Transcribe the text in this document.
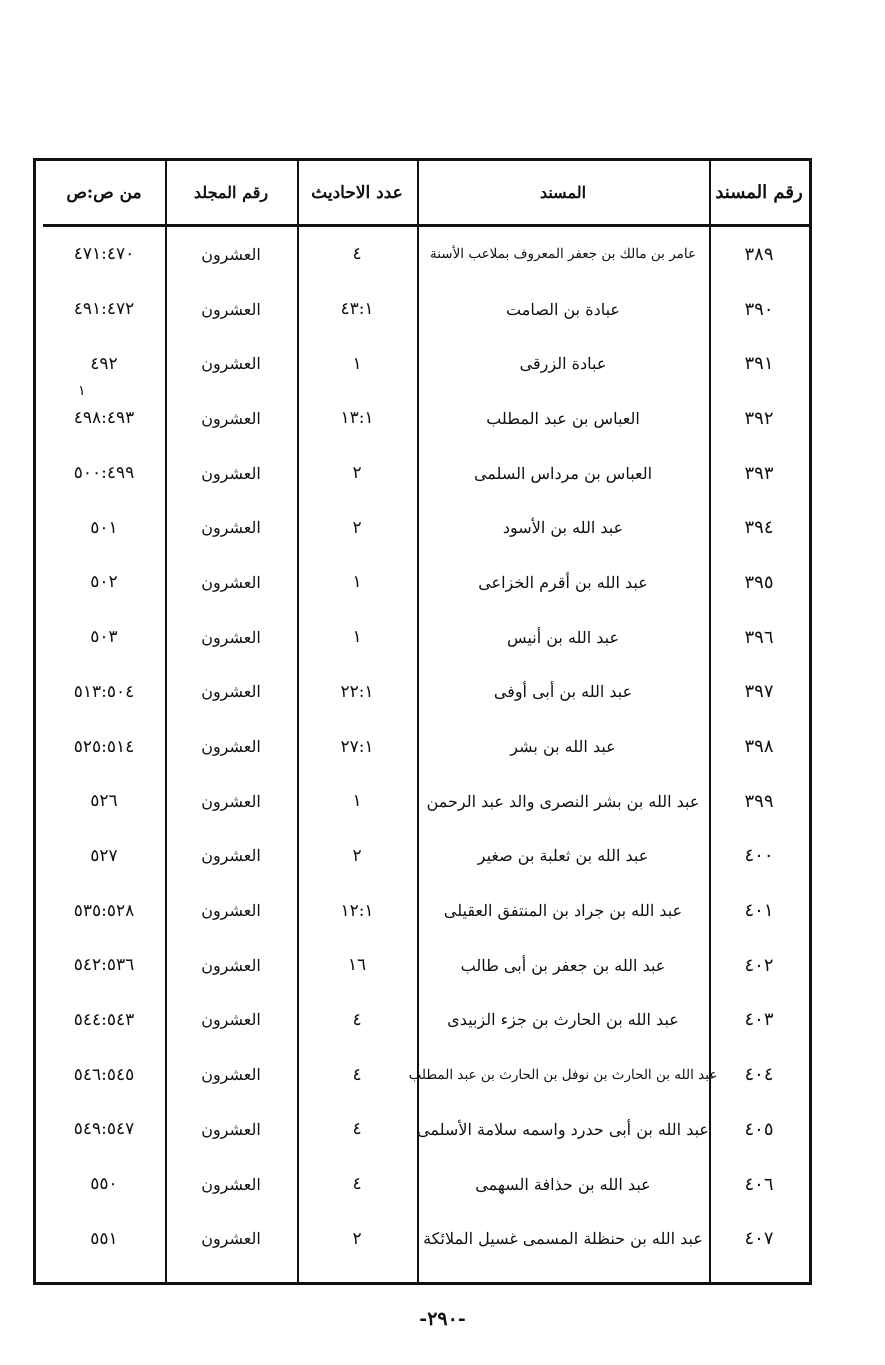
رقم المسند
المسند
عدد الاحاديث
رقم المجلد
من ص:ص
٣٨٩
عامر بن مالك بن جعفر المعروف بملاعب الأسنة
٤
العشرون
٤٧١:٤٧٠
٣٩٠
عبادة بن الصامت
٤٣:١
العشرون
٤٩١:٤٧٢
٣٩١
عبادة الزرقى
١
العشرون
٤٩٢
٣٩٢
العباس بن عبد المطلب
١٣:١
العشرون
٤٩٨:٤٩٣
٣٩٣
العباس بن مرداس السلمى
٢
العشرون
٥٠٠:٤٩٩
٣٩٤
عبد الله بن الأسود
٢
العشرون
٥٠١
٣٩٥
عبد الله بن أقرم الخزاعى
١
العشرون
٥٠٢
٣٩٦
عبد الله بن أنيس
١
العشرون
٥٠٣
٣٩٧
عبد الله بن أبى أوفى
٢٢:١
العشرون
٥١٣:٥٠٤
٣٩٨
عبد الله بن بشر
٢٧:١
العشرون
٥٢٥:٥١٤
٣٩٩
عبد الله بن بشر النصرى والد عبد الرحمن
١
العشرون
٥٢٦
٤٠٠
عبد الله بن ثعلبة بن صغير
٢
العشرون
٥٢٧
٤٠١
عبد الله بن جراد بن المنتفق العقيلى
١٢:١
العشرون
٥٣٥:٥٢٨
٤٠٢
عبد الله بن جعفر بن أبى طالب
١٦
العشرون
٥٤٢:٥٣٦
٤٠٣
عبد الله بن الحارث بن جزء الزبيدى
٤
العشرون
٥٤٤:٥٤٣
٤٠٤
عبد الله بن الحارث بن نوفل بن الحارث بن عبد المطلب
٤
العشرون
٥٤٦:٥٤٥
٤٠٥
عبد الله بن أبى حدرد واسمه سلامة الأسلمى
٤
العشرون
٥٤٩:٥٤٧
٤٠٦
عبد الله بن حذافة السهمى
٤
العشرون
٥٥٠
٤٠٧
عبد الله بن حنظلة المسمى غسيل الملائكة
٢
العشرون
٥٥١
١
-٢٩٠-
